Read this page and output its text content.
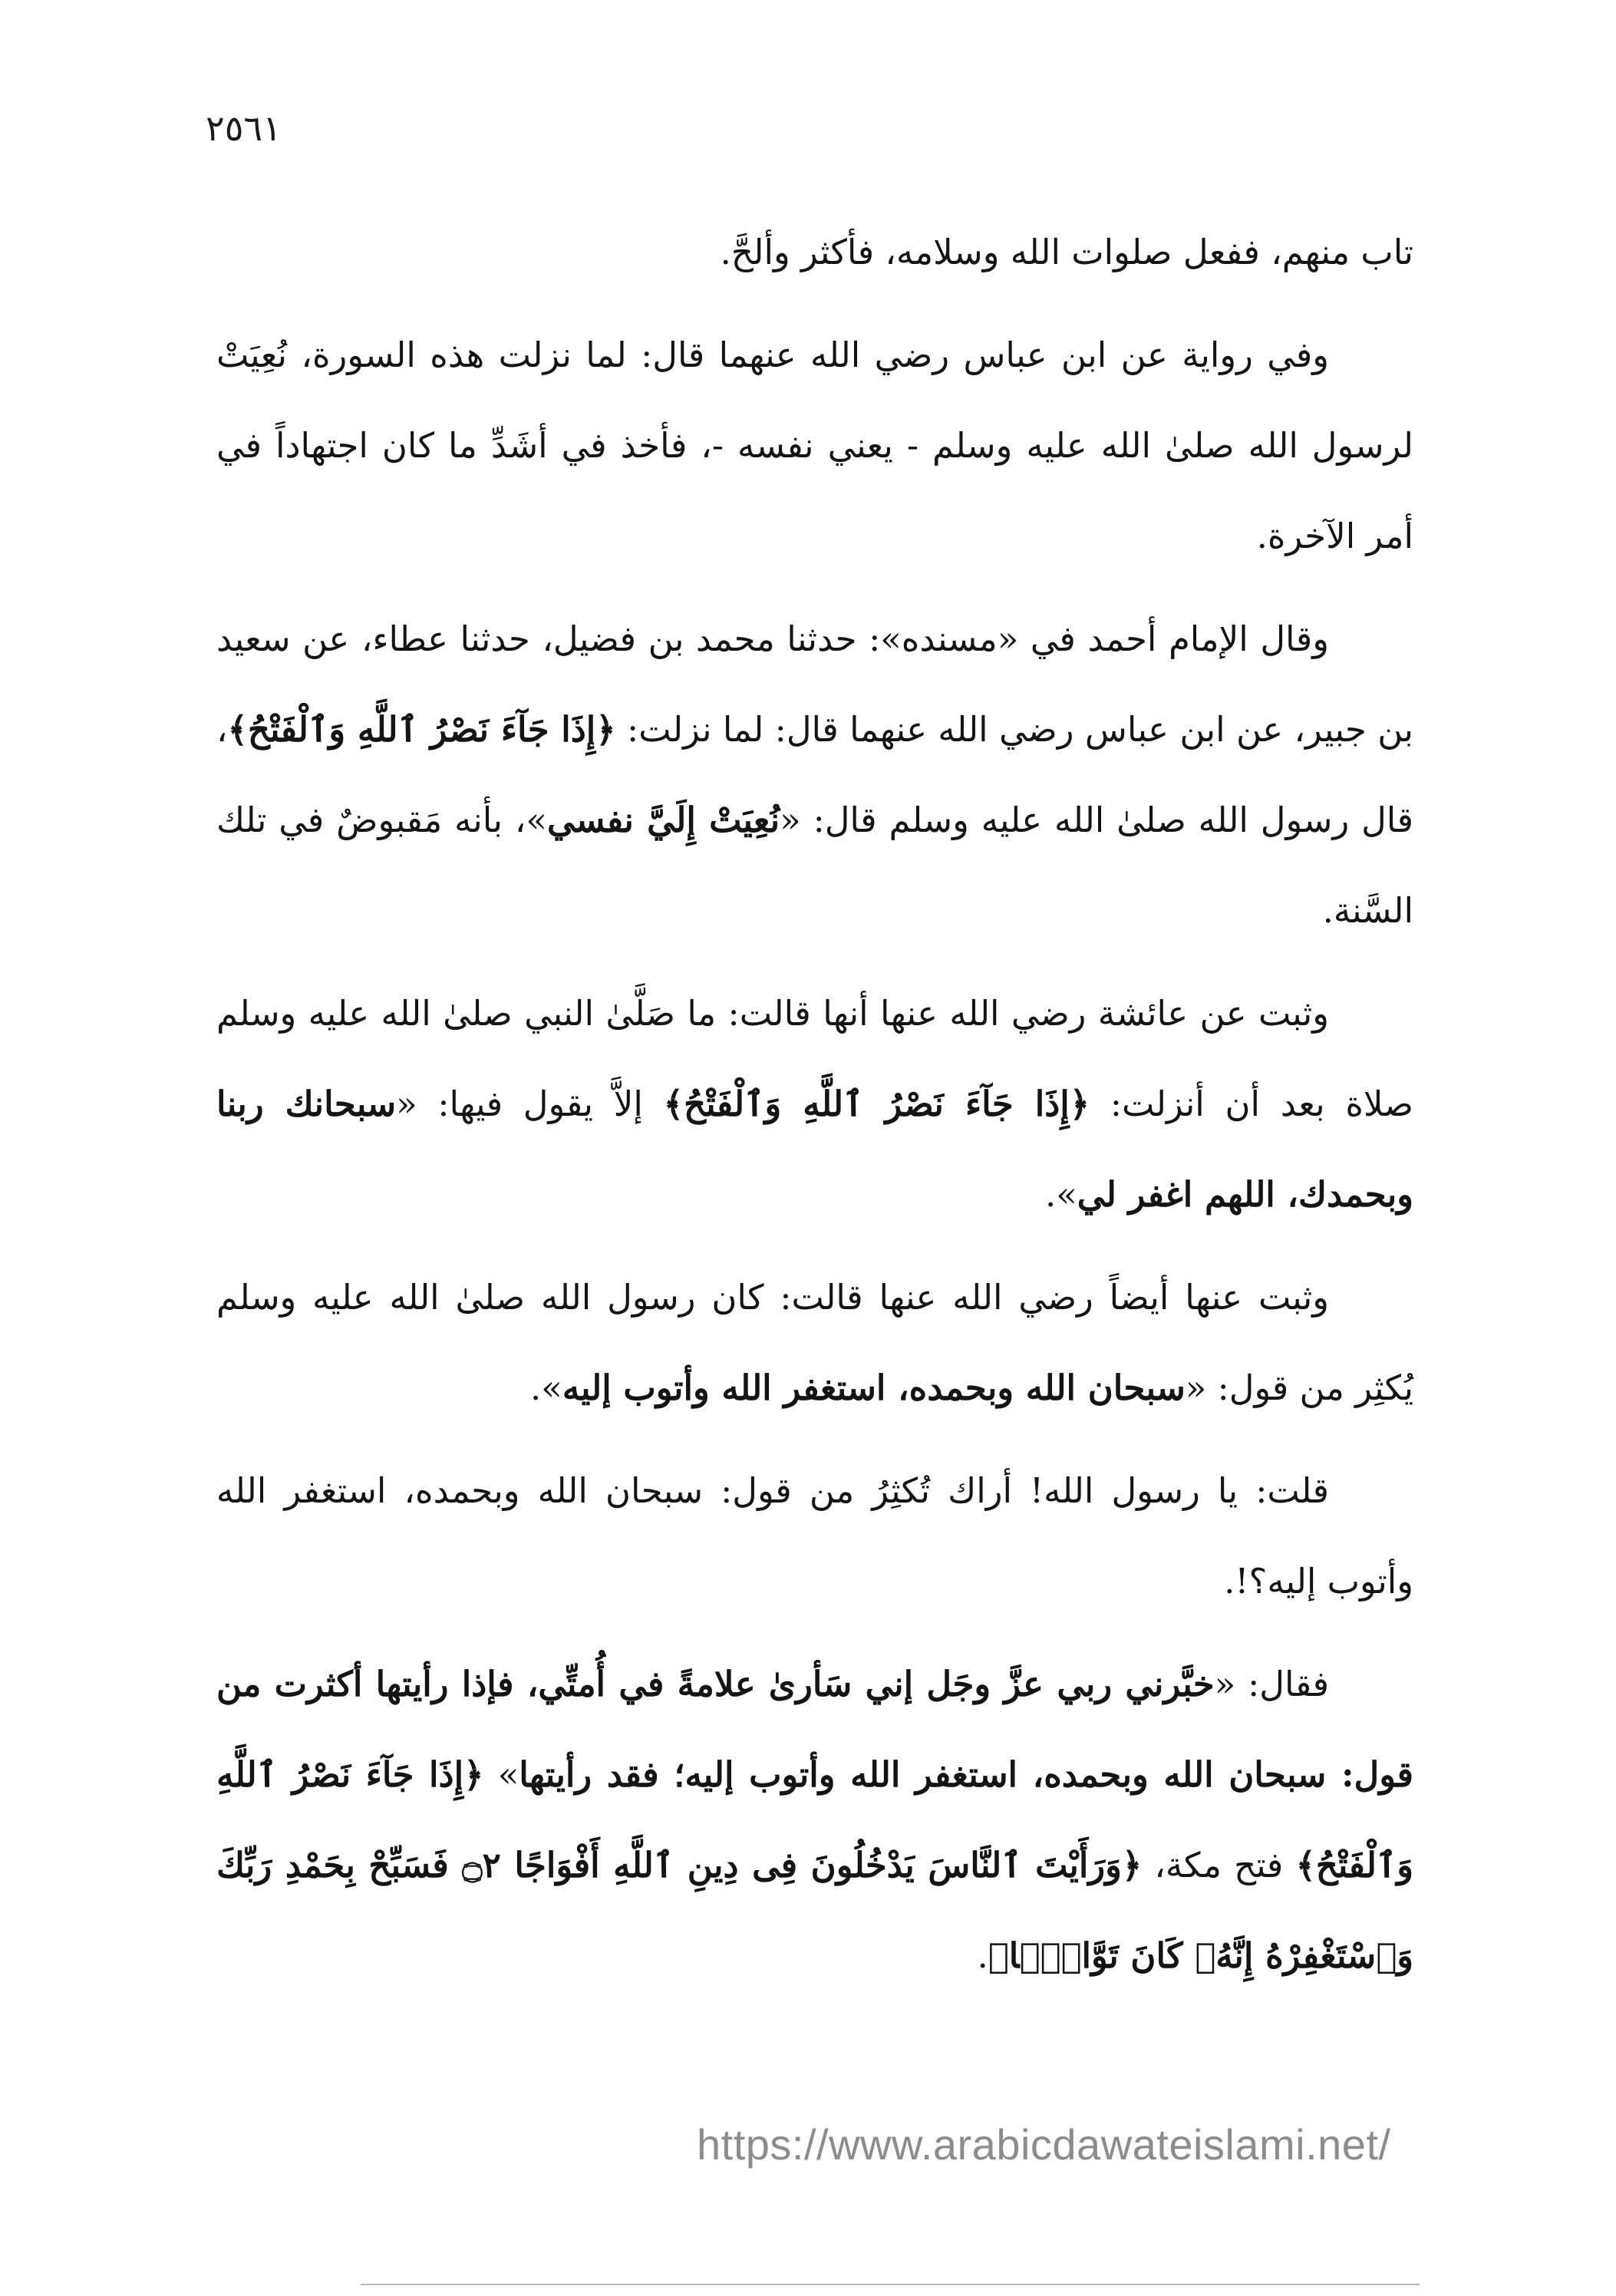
٢٥٦١

تاب منهم، ففعل صلوات الله وسلامه، فأكثر وألحَّ.

وفي رواية عن ابن عباس رضي الله عنهما قال: لما نزلت هذه السورة، نُعِيَتْ لرسول الله صلىٰ الله عليه وسلم - يعني نفسه -، فأخذ في أشَدِّ ما كان اجتهاداً في أمر الآخرة.

وقال الإمام أحمد في «مسنده»: حدثنا محمد بن فضيل، حدثنا عطاء، عن سعيد بن جبير، عن ابن عباس رضي الله عنهما قال: لما نزلت: ﴿إِذَا جَآءَ نَصْرُ ٱللَّهِ وَٱلْفَتْحُ﴾، قال رسول الله صلىٰ الله عليه وسلم قال: «نُعِيَتْ إِلَيَّ نفسي»، بأنه مَقبوضٌ في تلك السَّنة.

وثبت عن عائشة رضي الله عنها أنها قالت: ما صَلَّىٰ النبي صلىٰ الله عليه وسلم صلاة بعد أن أنزلت: ﴿إِذَا جَآءَ نَصْرُ ٱللَّهِ وَٱلْفَتْحُ﴾ إلاَّ يقول فيها: «سبحانك ربنا وبحمدك، اللهم اغفر لي».

وثبت عنها أيضاً رضي الله عنها قالت: كان رسول الله صلىٰ الله عليه وسلم يُكثِر من قول: «سبحان الله وبحمده، استغفر الله وأتوب إليه».

قلت: يا رسول الله! أراك تُكثِرُ من قول: سبحان الله وبحمده، استغفر الله وأتوب إليه؟!.

فقال: «خبَّرني ربي عزَّ وجَل إني سَأرىٰ علامةً في أُمتِّي، فإذا رأيتها أكثرت من قول: سبحان الله وبحمده، استغفر الله وأتوب إليه؛ فقد رأيتها» ﴿إِذَا جَآءَ نَصْرُ ٱللَّهِ وَٱلْفَتْحُ﴾ فتح مكة، ﴿وَرَأَيْتَ ٱلنَّاسَ يَدْخُلُونَ فِى دِينِ ٱللَّهِ أَفْوَاجًا ۝٢ فَسَبِّحْ بِحَمْدِ رَبِّكَ وَٱسْتَغْفِرْهُ إِنَّهُۥ كَانَ تَوَّابًۢا﴾.

https://www.arabicdawateislami.net/
